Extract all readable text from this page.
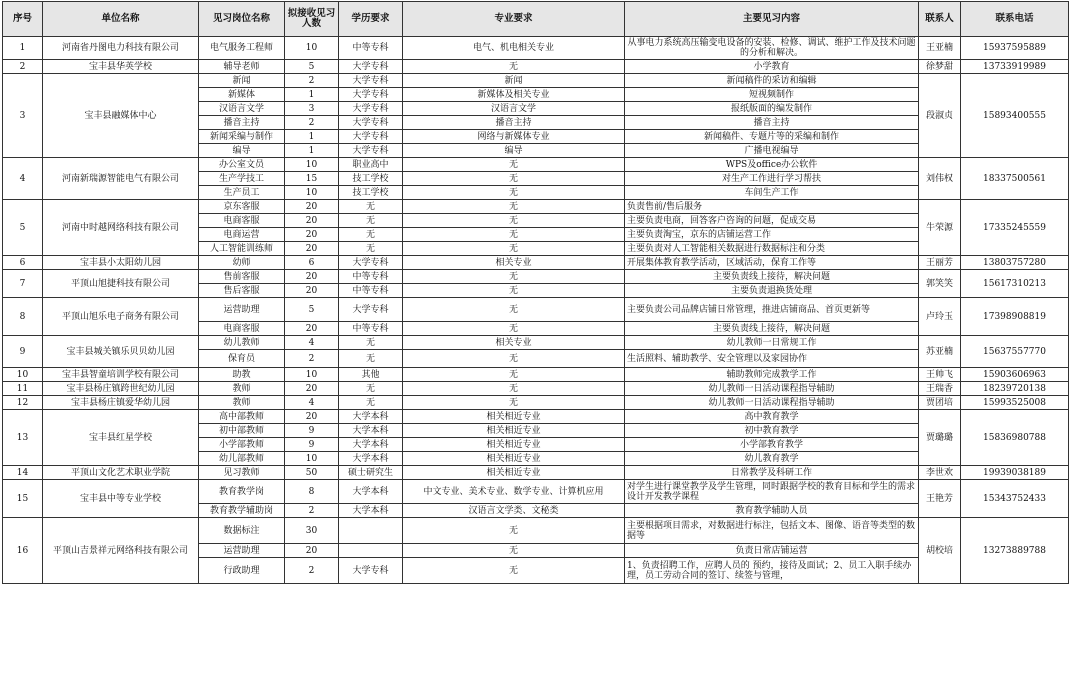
序号	单位名称	见习岗位名称	拟接收见习人数	学历要求	专业要求	主要见习内容	联系人	联系电话
1	河南省丹图电力科技有限公司	电气服务工程师	10	中等专科	电气、机电相关专业	从事电力系统高压输变电设备的安装、检修、调试、维护工作及技术问题的分析和解决。	王亚楠	15937595889
2	宝丰县华英学校	辅导老师	5	大学专科	无	小学教育	徐梦甜	13733919989
3	宝丰县融媒体中心	新闻	2	大学专科	新闻	新闻稿件的采访和编辑	段淑贞	15893400555
		新媒体	1	大学专科	新媒体及相关专业	短视频制作		
		汉语言文学	3	大学专科	汉语言文学	报纸版面的编发制作		
		播音主持	2	大学专科	播音主持	播音主持		
		新闻采编与制作	1	大学专科	网络与新媒体专业	新闻稿件、专题片等的采编和制作		
		编导	1	大学专科	编导	广播电视编导		
4	河南新瑞源智能电气有限公司	办公室文员	10	职业高中	无	WPS及office办公软件	刘伟权	18337500561
		生产学技工	15	技工学校	无	对生产工作进行学习帮扶		
		生产员工	10	技工学校	无	车间生产工作		
5	河南中时越网络科技有限公司	京东客服	20	无	无	负责售前/售后服务	牛荣源	17335245559
		电商客服	20	无	无	主要负责电商，回答客户咨询的问题，促成交易		
		电商运营	20	无	无	主要负责淘宝，京东的店铺运营工作		
		人工智能训练师	20	无	无	主要负责对人工智能相关数据进行数据标注和分类		
6	宝丰县小太阳幼儿园	幼师	6	大学专科	相关专业	开展集体教育教学活动，区域活动，保育工作等	王丽芳	13803757280
7	平顶山旭捷科技有限公司	售前客服	20	中等专科	无	主要负责线上接待，解决问题	郭笑笑	15617310213
		售后客服	20	中等专科	无	主要负责退换货处理		
8	平顶山旭乐电子商务有限公司	运营助理	5	大学专科	无	主要负责公司品牌店铺日常管理，推进店铺商品、首页更新等	卢玲玉	17398908819
		电商客服	20	中等专科	无	主要负责线上接待，解决问题		
9	宝丰县城关镇乐贝贝幼儿园	幼儿教师	4	无	相关专业	幼儿教师一日常规工作	苏亚楠	15637557770
		保育员	2	无	无	生活照料、辅助教学、安全管理以及家园协作		
10	宝丰县智童培训学校有限公司	助教	10	其他	无	辅助教师完成教学工作	王帅飞	15903606963
11	宝丰县杨庄镇跨世纪幼儿园	教师	20	无	无	幼儿教师一日活动课程指导辅助	王瑞香	18239720138
12	宝丰县杨庄镇爱华幼儿园	教师	4	无	无	幼儿教师一日活动课程指导辅助	贾团培	15993525008
13	宝丰县红星学校	高中部教师	20	大学本科	相关相近专业	高中教育教学	贾璐璐	15836980788
		初中部教师	9	大学本科	相关相近专业	初中教育教学		
		小学部教师	9	大学本科	相关相近专业	小学部教育教学		
		幼儿部教师	10	大学本科	相关相近专业	幼儿教育教学		
14	平顶山文化艺术职业学院	见习教师	50	硕士研究生	相关相近专业	日常教学及科研工作	李世欢	19939038189
15	宝丰县中等专业学校	教育教学岗	8	大学本科	中文专业、美术专业、数学专业、计算机应用	对学生进行课堂教学及学生管理，同时跟据学校的教育目标和学生的需求设计开发教学课程	王艳芳	15343752433
		教育教学辅助岗	2	大学本科	汉语言文学类、文秘类	教育教学辅助人员		
16	平顶山吉景祥元网络科技有限公司	数据标注	30		无	主要根据项目需求，对数据进行标注，包括文本、图像、语音等类型的数据等	胡校培	13273889788
		运营助理	20		无	负责日常店铺运营		
		行政助理	2	大学专科	无	1、负责招聘工作，应聘人员的 预约，接待及面试；2、员工入职手续办理，员工劳动合同的签订、续签与管理，		
